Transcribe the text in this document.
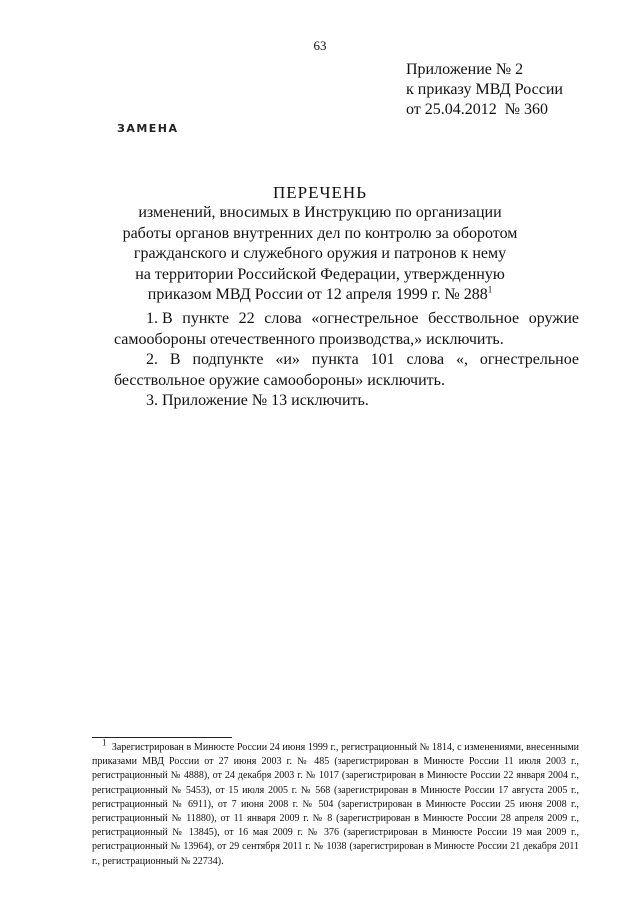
63
Приложение № 2
к приказу МВД России
от 25.04.2012  № 360
ЗАМЕНА
ПЕРЕЧЕНЬ
изменений, вносимых в Инструкцию по организации
работы органов внутренних дел по контролю за оборотом
гражданского и служебного оружия и патронов к нему
на территории Российской Федерации, утвержденную
приказом МВД России от 12 апреля 1999 г. № $288^1$
1. В пункте 22 слова «огнестрельное бесствольное оружие
самообороны отечественного производства,» исключить.

2. В подпункте «и» пункта 101 слова «, огнестрельное бесствольное оружие самообороны» исключить.

3. Приложение № 13 исключить.

$^1$ Зарегистрирован в Минюсте России 24 июня 1999 г., регистрационный № 1814, с изменениями, внесенными приказами МВД России от 27 июня 2003 г. № 485 (зарегистрирован в Минюсте России 11 июля 2003 г., регистрационный № 4888), от 24 декабря 2003 г. № 1017 (зарегистрирован в Минюсте России 22 января 2004 г., регистрационный № 5453), от 15 июля 2005 г. № 568 (зарегистрирован в Минюсте России 17 августа 2005 г., регистрационный № 6911), от 7 июня 2008 г. № 504 (зарегистрирован в Минюсте России 25 июня 2008 г., регистрационный № 11880), от 11 января 2009 г. № 8 (зарегистрирован в Минюсте России 28 апреля 2009 г., регистрационный № 13845), от 16 мая 2009 г. № 376 (зарегистрирован в Минюсте России 19 мая 2009 г., регистрационный № 13964), от 29 сентября 2011 г. № 1038 (зарегистрирован в Минюсте России 21 декабря 2011 г., регистрационный № 22734).
